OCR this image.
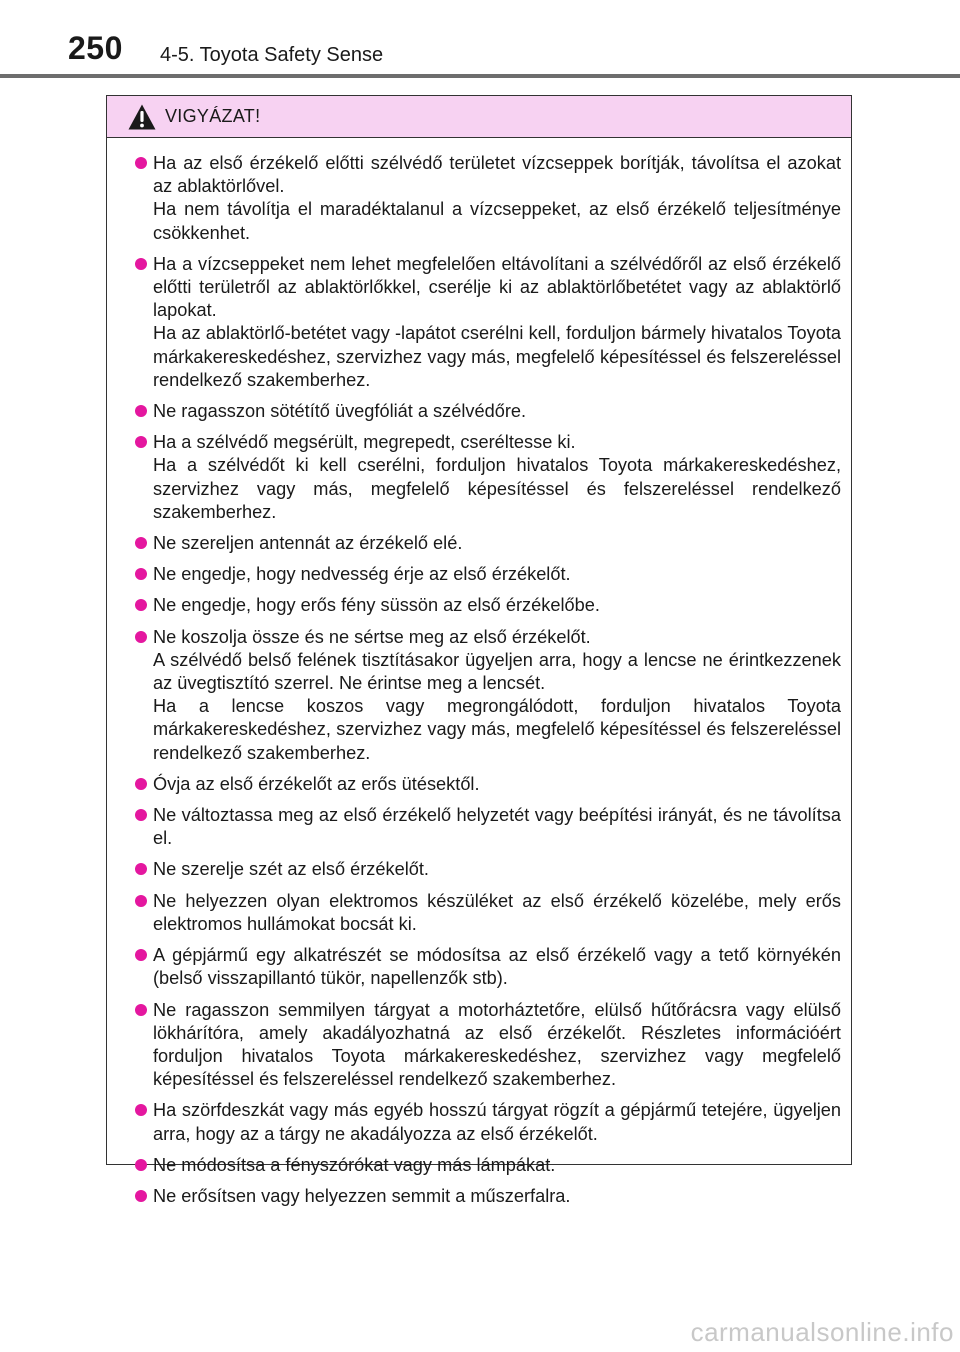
250 4-5. Toyota Safety Sense
VIGYÁZAT!
Ha az első érzékelő előtti szélvédő területet vízcseppek borítják, távolítsa el azokat az ablaktörlővel.
Ha nem távolítja el maradéktalanul a vízcseppeket, az első érzékelő teljesítménye csökkenhet.
Ha a vízcseppeket nem lehet megfelelően eltávolítani a szélvédőről az első érzékelő előtti területről az ablaktörlőkkel, cserélje ki az ablaktörlőbetétet vagy az ablaktörlő lapokat.
Ha az ablaktörlő-betétet vagy -lapátot cserélni kell, forduljon bármely hivatalos Toyota márkakereskedéshez, szervizhez vagy más, megfelelő képesítéssel és felszereléssel rendelkező szakemberhez.
Ne ragasszon sötétítő üvegfóliát a szélvédőre.
Ha a szélvédő megsérült, megrepedt, cseréltesse ki.
Ha a szélvédőt ki kell cserélni, forduljon hivatalos Toyota márkakereskedéshez, szervizhez vagy más, megfelelő képesítéssel és felszereléssel rendelkező szakemberhez.
Ne szereljen antennát az érzékelő elé.
Ne engedje, hogy nedvesség érje az első érzékelőt.
Ne engedje, hogy erős fény süssön az első érzékelőbe.
Ne koszolja össze és ne sértse meg az első érzékelőt.
A szélvédő belső felének tisztításakor ügyeljen arra, hogy a lencse ne érintkezzenek az üvegtisztító szerrel. Ne érintse meg a lencsét.
Ha a lencse koszos vagy megrongálódott, forduljon hivatalos Toyota márkakereskedéshez, szervizhez vagy más, megfelelő képesítéssel és felszereléssel rendelkező szakemberhez.
Óvja az első érzékelőt az erős ütésektől.
Ne változtassa meg az első érzékelő helyzetét vagy beépítési irányát, és ne távolítsa el.
Ne szerelje szét az első érzékelőt.
Ne helyezzen olyan elektromos készüléket az első érzékelő közelébe, mely erős elektromos hullámokat bocsát ki.
A gépjármű egy alkatrészét se módosítsa az első érzékelő vagy a tető környékén (belső visszapillantó tükör, napellenzők stb).
Ne ragasszon semmilyen tárgyat a motorháztetőre, elülső hűtőrácsra vagy elülső lökhárítóra, amely akadályozhatná az első érzékelőt. Részletes információért forduljon hivatalos Toyota márkakereskedéshez, szervizhez vagy megfelelő képesítéssel és felszereléssel rendelkező szakemberhez.
Ha szörfdeszkát vagy más egyéb hosszú tárgyat rögzít a gépjármű tetejére, ügyeljen arra, hogy az a tárgy ne akadályozza az első érzékelőt.
Ne módosítsa a fényszórókat vagy más lámpákat.
Ne erősítsen vagy helyezzen semmit a műszerfalra.
carmanualsonline.info
